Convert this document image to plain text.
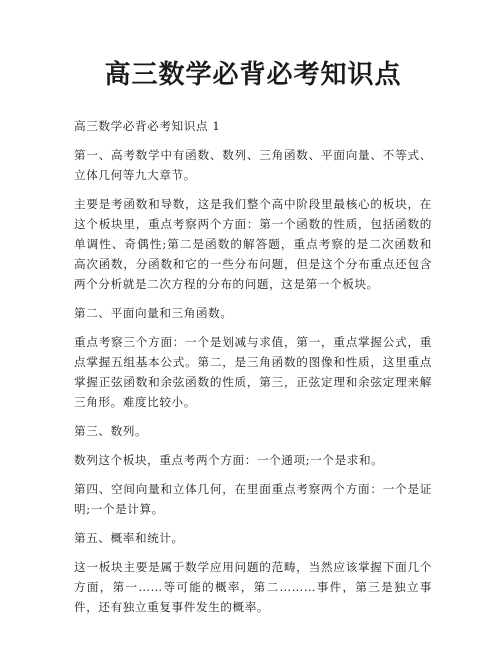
高三数学必背必考知识点

高三数学必背必考知识点 1

第一、高考数学中有函数、数列、三角函数、平面向量、不等式、立体几何等九大章节。

主要是考函数和导数，这是我们整个高中阶段里最核心的板块，在这个板块里，重点考察两个方面：第一个函数的性质，包括函数的单调性、奇偶性;第二是函数的解答题，重点考察的是二次函数和高次函数，分函数和它的一些分布问题，但是这个分布重点还包含两个分析就是二次方程的分布的问题，这是第一个板块。

第二、平面向量和三角函数。

重点考察三个方面：一个是划减与求值，第一，重点掌握公式，重点掌握五组基本公式。第二，是三角函数的图像和性质，这里重点掌握正弦函数和余弦函数的性质，第三，正弦定理和余弦定理来解三角形。难度比较小。

第三、数列。

数列这个板块，重点考两个方面：一个通项;一个是求和。

第四、空间向量和立体几何，在里面重点考察两个方面：一个是证明;一个是计算。

第五、概率和统计。

这一板块主要是属于数学应用问题的范畴，当然应该掌握下面几个方面，第一……等可能的概率，第二………事件，第三是独立事件，还有独立重复事件发生的概率。
